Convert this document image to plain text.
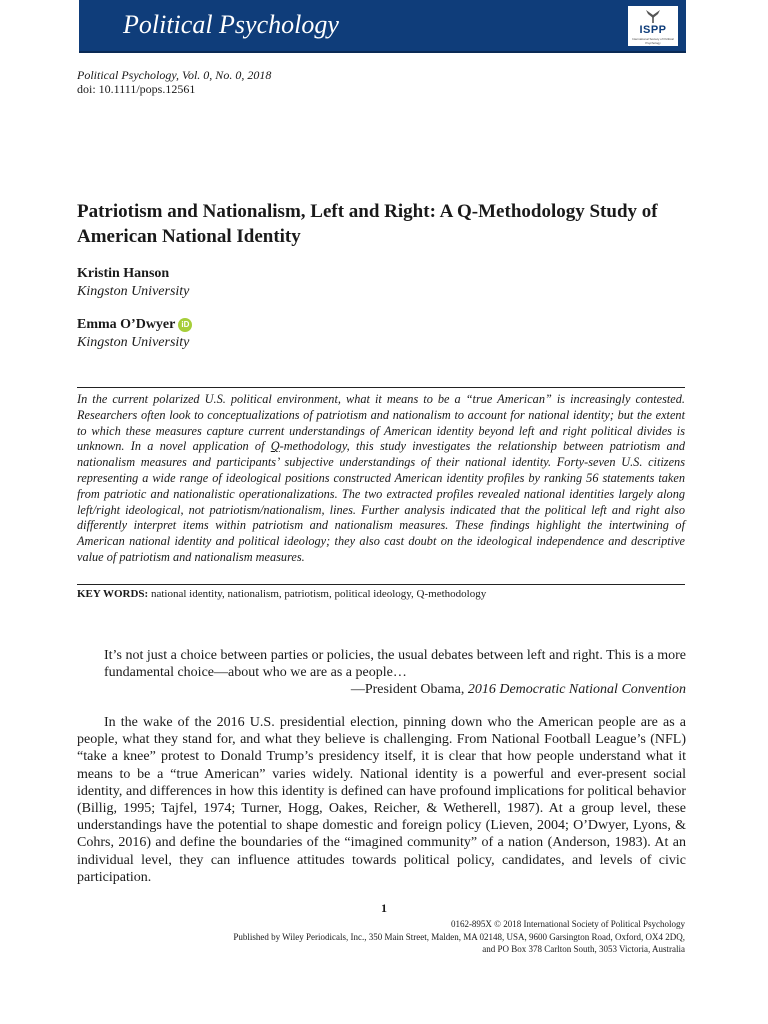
Political Psychology	ISPP
International Society of Political Psychology
Political Psychology, Vol. 0, No. 0, 2018
doi: 10.1111/pops.12561
Patriotism and Nationalism, Left and Right: A Q-Methodology Study of American National Identity
Kristin Hanson
Kingston University
Emma O’Dwyer iD
Kingston University
In the current polarized U.S. political environment, what it means to be a “true American” is increasingly contested. Researchers often look to conceptualizations of patriotism and nationalism to account for national identity; but the extent to which these measures capture current understandings of American identity beyond left and right political divides is unknown. In a novel application of Q-methodology, this study investigates the relationship between patriotism and nationalism measures and participants’ subjective understandings of their national identity. Forty-seven U.S. citizens representing a wide range of ideological positions constructed American identity profiles by ranking 56 statements taken from patriotic and nationalistic operationalizations. The two extracted profiles revealed national identities largely along left/right ideological, not patriotism/nationalism, lines. Further analysis indicated that the political left and right also differently interpret items within patriotism and nationalism measures. These findings highlight the intertwining of American national identity and political ideology; they also cast doubt on the ideological independence and descriptive value of patriotism and nationalism measures.
KEY WORDS: national identity, nationalism, patriotism, political ideology, Q-methodology
It’s not just a choice between parties or policies, the usual debates between left and right. This is a more fundamental choice—about who we are as a people…
—President Obama, 2016 Democratic National Convention

In the wake of the 2016 U.S. presidential election, pinning down who the American people are as a people, what they stand for, and what they believe is challenging. From National Football League’s (NFL) “take a knee” protest to Donald Trump’s presidency itself, it is clear that how people understand what it means to be a “true American” varies widely. National identity is a powerful and ever-present social identity, and differences in how this identity is defined can have profound implications for political behavior (Billig, 1995; Tajfel, 1974; Turner, Hogg, Oakes, Reicher, & Wetherell, 1987). At a group level, these understandings have the potential to shape domestic and foreign policy (Lieven, 2004; O’Dwyer, Lyons, & Cohrs, 2016) and define the boundaries of the “imagined community” of a nation (Anderson, 1983). At an individual level, they can influence attitudes towards political policy, candidates, and levels of civic participation.

1
0162-895X © 2018 International Society of Political Psychology
Published by Wiley Periodicals, Inc., 350 Main Street, Malden, MA 02148, USA, 9600 Garsington Road, Oxford, OX4 2DQ,
and PO Box 378 Carlton South, 3053 Victoria, Australia
